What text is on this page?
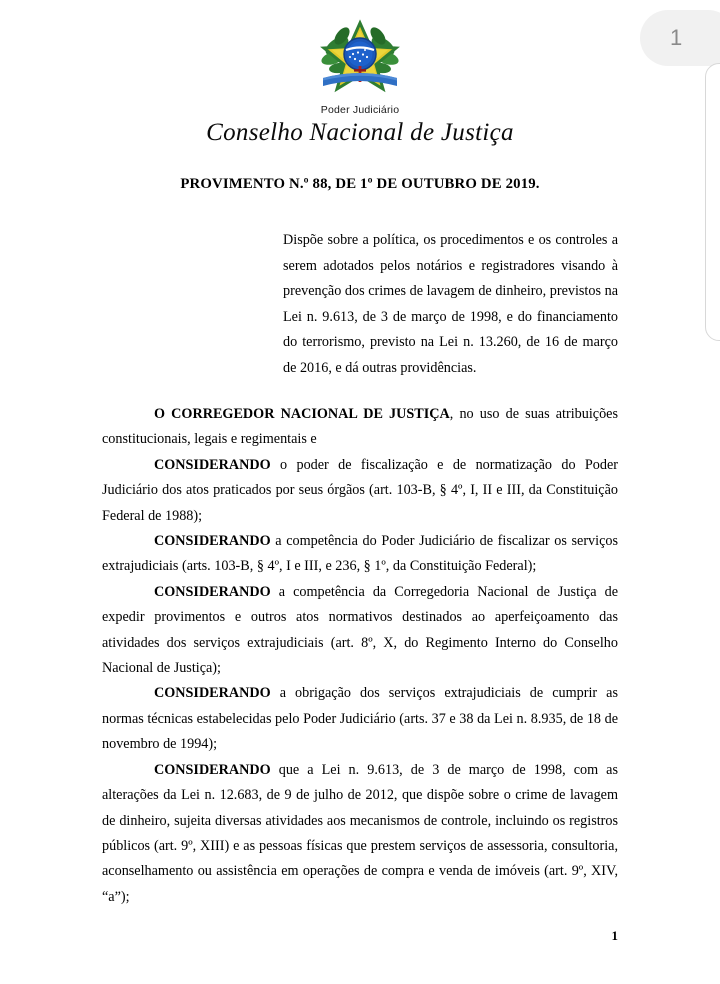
Poder Judiciário
Conselho Nacional de Justiça
PROVIMENTO N.º 88, DE 1º DE OUTUBRO DE 2019.
Dispõe sobre a política, os procedimentos e os controles a serem adotados pelos notários e registradores visando à prevenção dos crimes de lavagem de dinheiro, previstos na Lei n. 9.613, de 3 de março de 1998, e do financiamento do terrorismo, previsto na Lei n. 13.260, de 16 de março de 2016, e dá outras providências.

O CORREGEDOR NACIONAL DE JUSTIÇA, no uso de suas atribuições constitucionais, legais e regimentais e

CONSIDERANDO o poder de fiscalização e de normatização do Poder Judiciário dos atos praticados por seus órgãos (art. 103-B, § 4º, I, II e III, da Constituição Federal de 1988);

CONSIDERANDO a competência do Poder Judiciário de fiscalizar os serviços extrajudiciais (arts. 103-B, § 4º, I e III, e 236, § 1º, da Constituição Federal);

CONSIDERANDO a competência da Corregedoria Nacional de Justiça de expedir provimentos e outros atos normativos destinados ao aperfeiçoamento das atividades dos serviços extrajudiciais (art. 8º, X, do Regimento Interno do Conselho Nacional de Justiça);

CONSIDERANDO a obrigação dos serviços extrajudiciais de cumprir as normas técnicas estabelecidas pelo Poder Judiciário (arts. 37 e 38 da Lei n. 8.935, de 18 de novembro de 1994);

CONSIDERANDO que a Lei n. 9.613, de 3 de março de 1998, com as alterações da Lei n. 12.683, de 9 de julho de 2012, que dispõe sobre o crime de lavagem de dinheiro, sujeita diversas atividades aos mecanismos de controle, incluindo os registros públicos (art. 9º, XIII) e as pessoas físicas que prestem serviços de assessoria, consultoria, aconselhamento ou assistência em operações de compra e venda de imóveis (art. 9º, XIV, “a”);

1
1
